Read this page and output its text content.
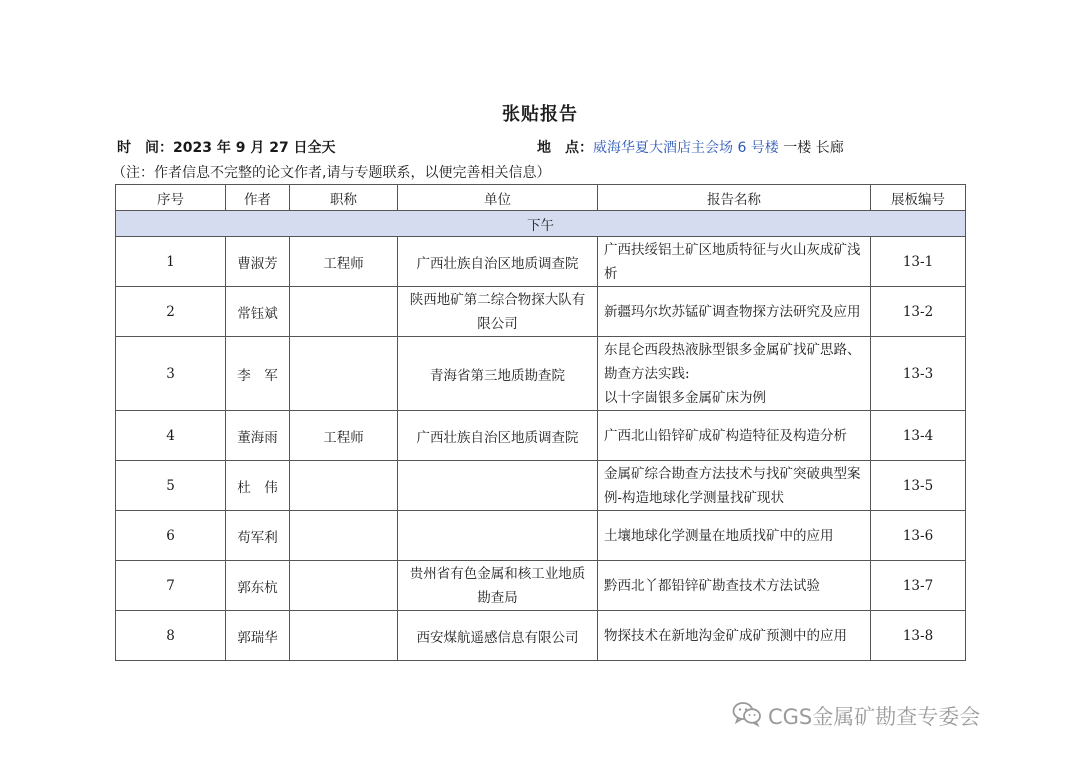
张贴报告
时　间：2023 年 9 月 27 日全天	地　点：威海华夏大酒店主会场 6 号楼 一楼 长廊
（注：作者信息不完整的论文作者,请与专题联系，以便完善相关信息）
序号	作者	职称	单位	报告名称	展板编号
下午					
1	曹淑芳	工程师	广西壮族自治区地质调查院	广西扶绥铝土矿区地质特征与火山灰成矿浅析	13-1
2	常钰斌		陕西地矿第二综合物探大队有限公司	新疆玛尔坎苏锰矿调查物探方法研究及应用	13-2
3	李　军		青海省第三地质勘查院	东昆仑西段热液脉型银多金属矿找矿思路、勘查方法实践:
以十字崮银多金属矿床为例	13-3
4	董海雨	工程师	广西壮族自治区地质调查院	广西北山铅锌矿成矿构造特征及构造分析	13-4
5	杜　伟			金属矿综合勘查方法技术与找矿突破典型案例-构造地球化学测量找矿现状	13-5
6	苟军利			土壤地球化学测量在地质找矿中的应用	13-6
7	郭东杭		贵州省有色金属和核工业地质勘查局	黔西北丫都铅锌矿勘查技术方法试验	13-7
8	郭瑞华		西安煤航遥感信息有限公司	物探技术在新地沟金矿成矿预测中的应用	13-8
CGS金属矿勘查专委会
